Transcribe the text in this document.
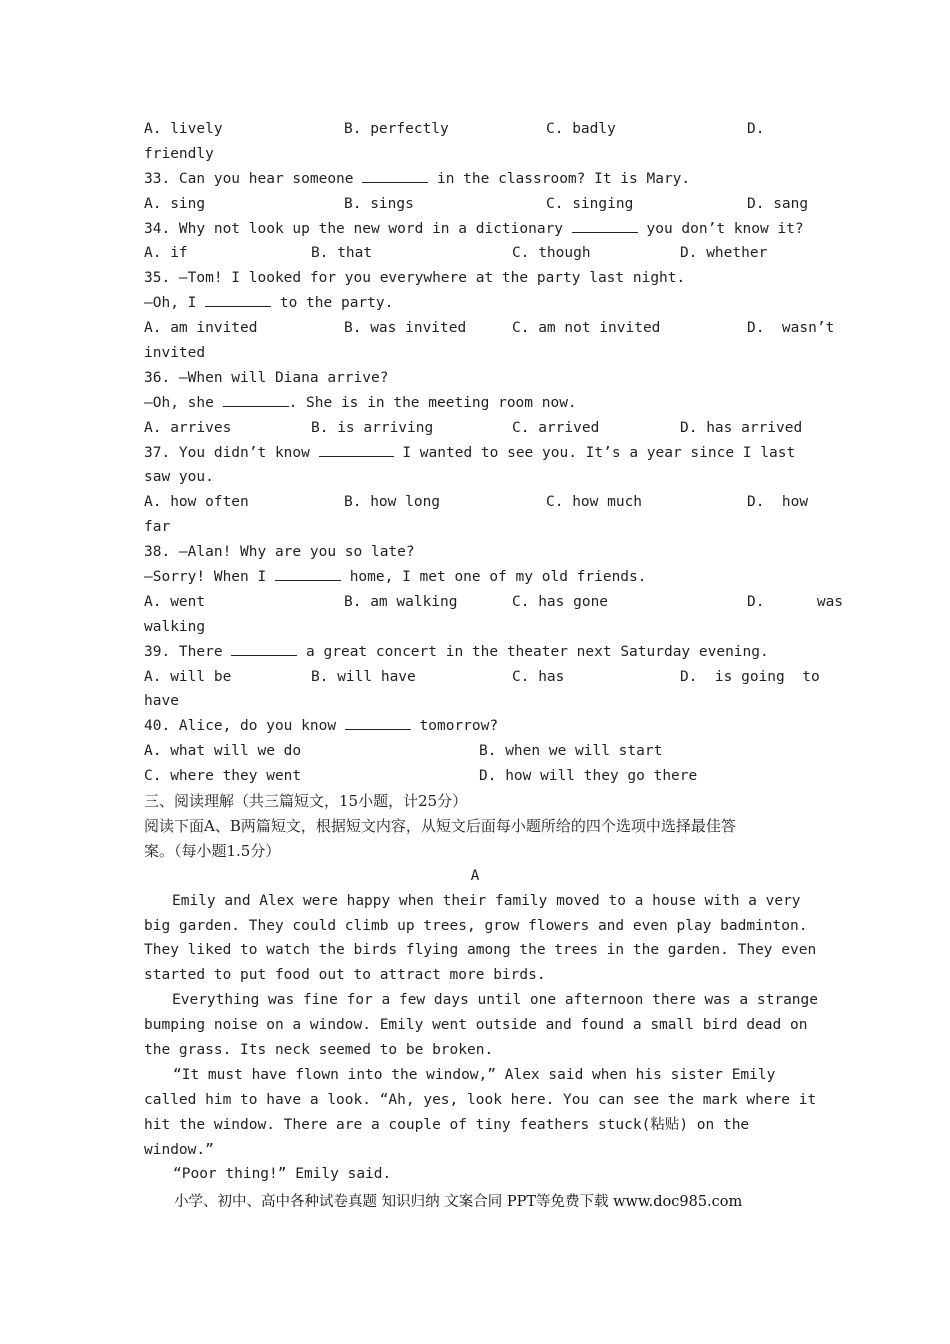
A. lively	B. perfectly	C. badly	D.
friendly
33. Can you hear someone	in the classroom? It is Mary.
A. sing	B. sings	C. singing	D. sang
34. Why not look up the new word in a dictionary	you don’t know it?
A. if	B. that	C. though	D. whether
35. —Tom! I looked for you everywhere at the party last night.
—Oh, I	to the party.
A. am invited	B. was invited	C. am not invited	D.  wasn’t
invited
36. —When will Diana arrive?
—Oh, she	. She is in the meeting room now.
A. arrives	B. is arriving	C. arrived	D. has arrived
37. You didn’t know	I wanted to see you. It’s a year since I last
saw you.
A. how often	B. how long	C. how much	D.  how
far
38. —Alan! Why are you so late?
—Sorry! When I	home, I met one of my old friends.
A. went	B. am walking	C. has gone	D.      was
walking
39. There	a great concert in the theater next Saturday evening.
A. will be	B. will have	C. has	D.  is going  to
have
40. Alice, do you know	tomorrow?
A. what will we do	B. when we will start
C. where they went	D. how will they go there
三、阅读理解（共三篇短文，15小题，计25分）
阅读下面A、B两篇短文，根据短文内容，从短文后面每小题所给的四个选项中选择最佳答
案。（每小题1.5分）
A
Emily and Alex were happy when their family moved to a house with a very
big garden. They could climb up trees, grow flowers and even play badminton.
They liked to watch the birds flying among the trees in the garden. They even
started to put food out to attract more birds.
Everything was fine for a few days until one afternoon there was a strange
bumping noise on a window. Emily went outside and found a small bird dead on
the grass. Its neck seemed to be broken.
“It must have flown into the window,” Alex said when his sister Emily
called him to have a look. “Ah, yes, look here. You can see the mark where it
hit the window. There are a couple of tiny feathers stuck(粘贴) on the
window.”
“Poor thing!” Emily said.
小学、初中、高中各种试卷真题 知识归纳 文案合同 PPT等免费下载 www.doc985.com
